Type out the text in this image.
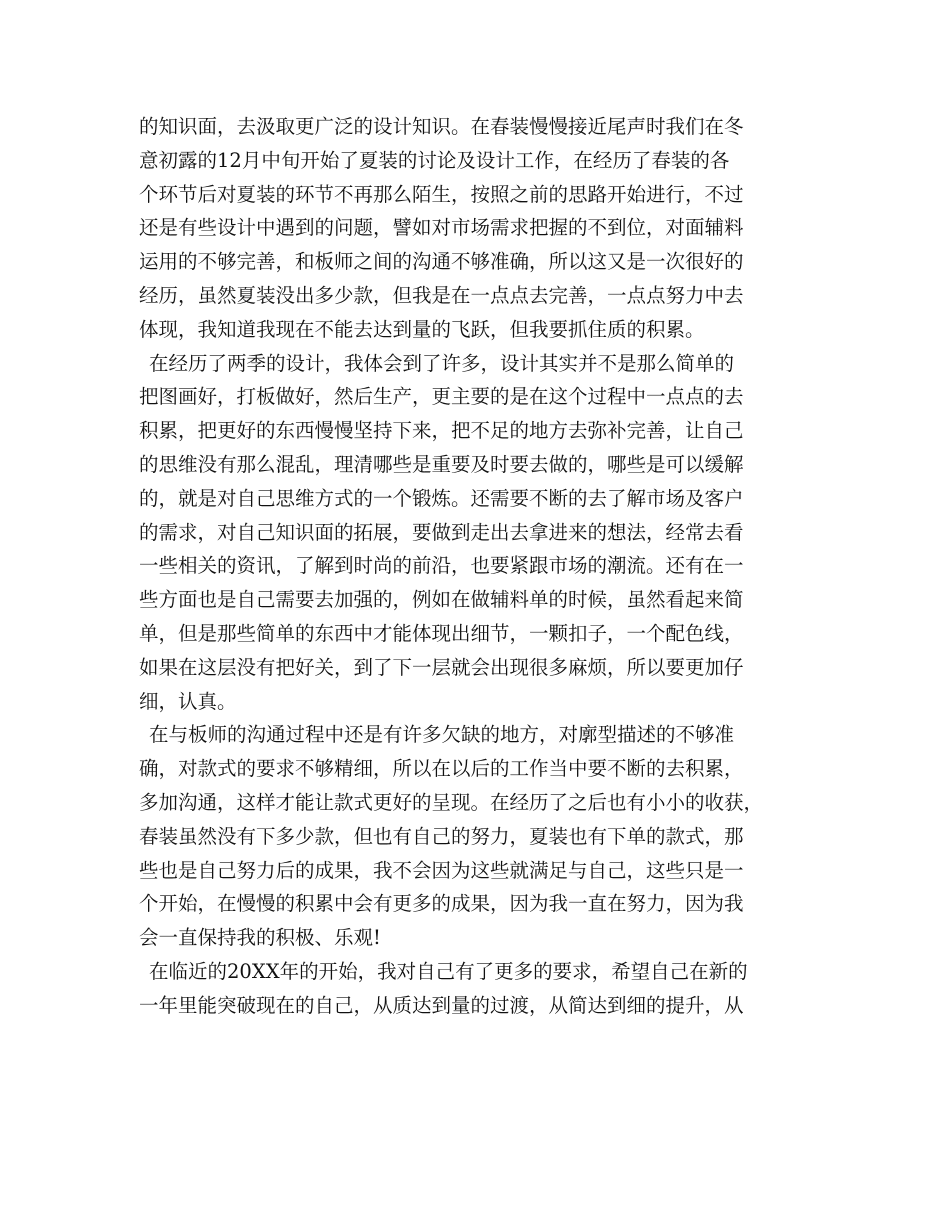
的知识面，去汲取更广泛的设计知识。在春装慢慢接近尾声时我们在冬
意初露的12月中旬开始了夏装的讨论及设计工作，在经历了春装的各
个环节后对夏装的环节不再那么陌生，按照之前的思路开始进行，不过
还是有些设计中遇到的问题，譬如对市场需求把握的不到位，对面辅料
运用的不够完善，和板师之间的沟通不够准确，所以这又是一次很好的
经历，虽然夏装没出多少款，但我是在一点点去完善，一点点努力中去
体现，我知道我现在不能去达到量的飞跃，但我要抓住质的积累。
在经历了两季的设计，我体会到了许多，设计其实并不是那么简单的
把图画好，打板做好，然后生产，更主要的是在这个过程中一点点的去
积累，把更好的东西慢慢坚持下来，把不足的地方去弥补完善，让自己
的思维没有那么混乱，理清哪些是重要及时要去做的，哪些是可以缓解
的，就是对自己思维方式的一个锻炼。还需要不断的去了解市场及客户
的需求，对自己知识面的拓展，要做到走出去拿进来的想法，经常去看
一些相关的资讯，了解到时尚的前沿，也要紧跟市场的潮流。还有在一
些方面也是自己需要去加强的，例如在做辅料单的时候，虽然看起来简
单，但是那些简单的东西中才能体现出细节，一颗扣子，一个配色线，
如果在这层没有把好关，到了下一层就会出现很多麻烦，所以要更加仔
细，认真。
在与板师的沟通过程中还是有许多欠缺的地方，对廓型描述的不够准
确，对款式的要求不够精细，所以在以后的工作当中要不断的去积累，
多加沟通，这样才能让款式更好的呈现。在经历了之后也有小小的收获，
春装虽然没有下多少款，但也有自己的努力，夏装也有下单的款式，那
些也是自己努力后的成果，我不会因为这些就满足与自己，这些只是一
个开始，在慢慢的积累中会有更多的成果，因为我一直在努力，因为我
会一直保持我的积极、乐观!
在临近的20XX年的开始，我对自己有了更多的要求，希望自己在新的
一年里能突破现在的自己，从质达到量的过渡，从简达到细的提升，从
